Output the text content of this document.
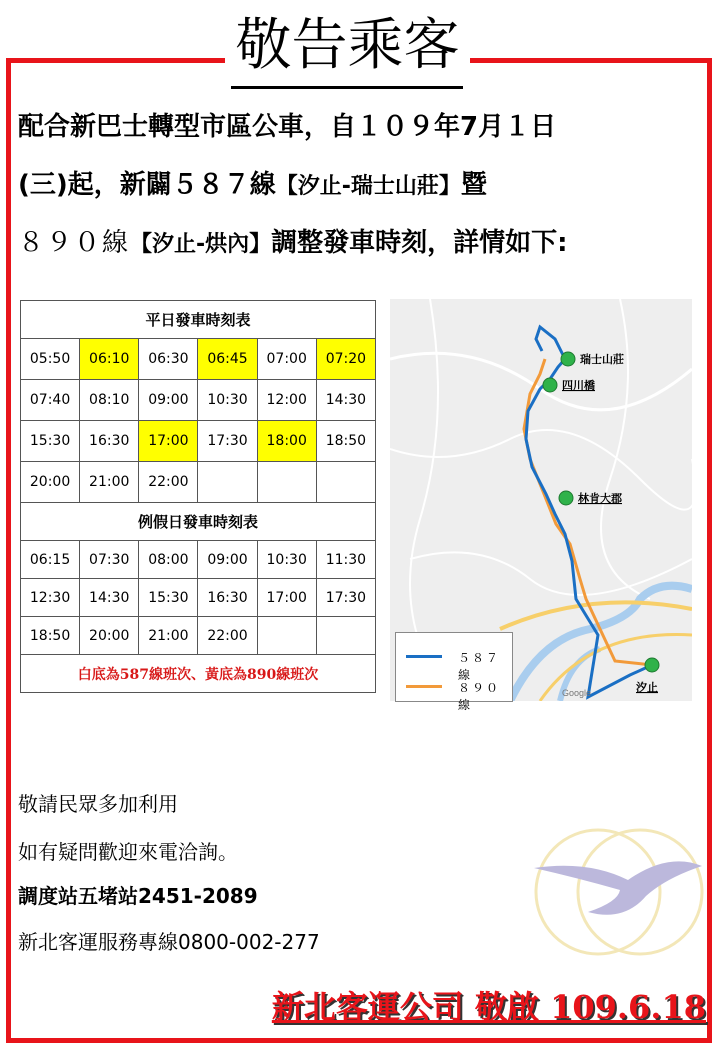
敬告乘客
配合新巴士轉型市區公車，自１０９年7月１日
(三)起，新闢５８７線【汐止-瑞士山莊】暨
８９０線【汐止-烘內】調整發車時刻，詳情如下:
平日發車時刻表					
05:50	06:10	06:30	06:45	07:00	07:20
07:40	08:10	09:00	10:30	12:00	14:30
15:30	16:30	17:00	17:30	18:00	18:50
20:00	21:00	22:00			
例假日發車時刻表					
06:15	07:30	08:00	09:00	10:30	11:30
12:30	14:30	15:30	16:30	17:00	17:30
18:50	20:00	21:00	22:00		
白底為587線班次、黃底為890線班次					
瑞士山莊
四川橋
林肯大郡
汐止
Google
５８７線
８９０線
敬請民眾多加利用
如有疑問歡迎來電洽詢。
調度站五堵站2451-2089
新北客運服務專線0800-002-277
新北客運公司 敬啟 109.6.18
